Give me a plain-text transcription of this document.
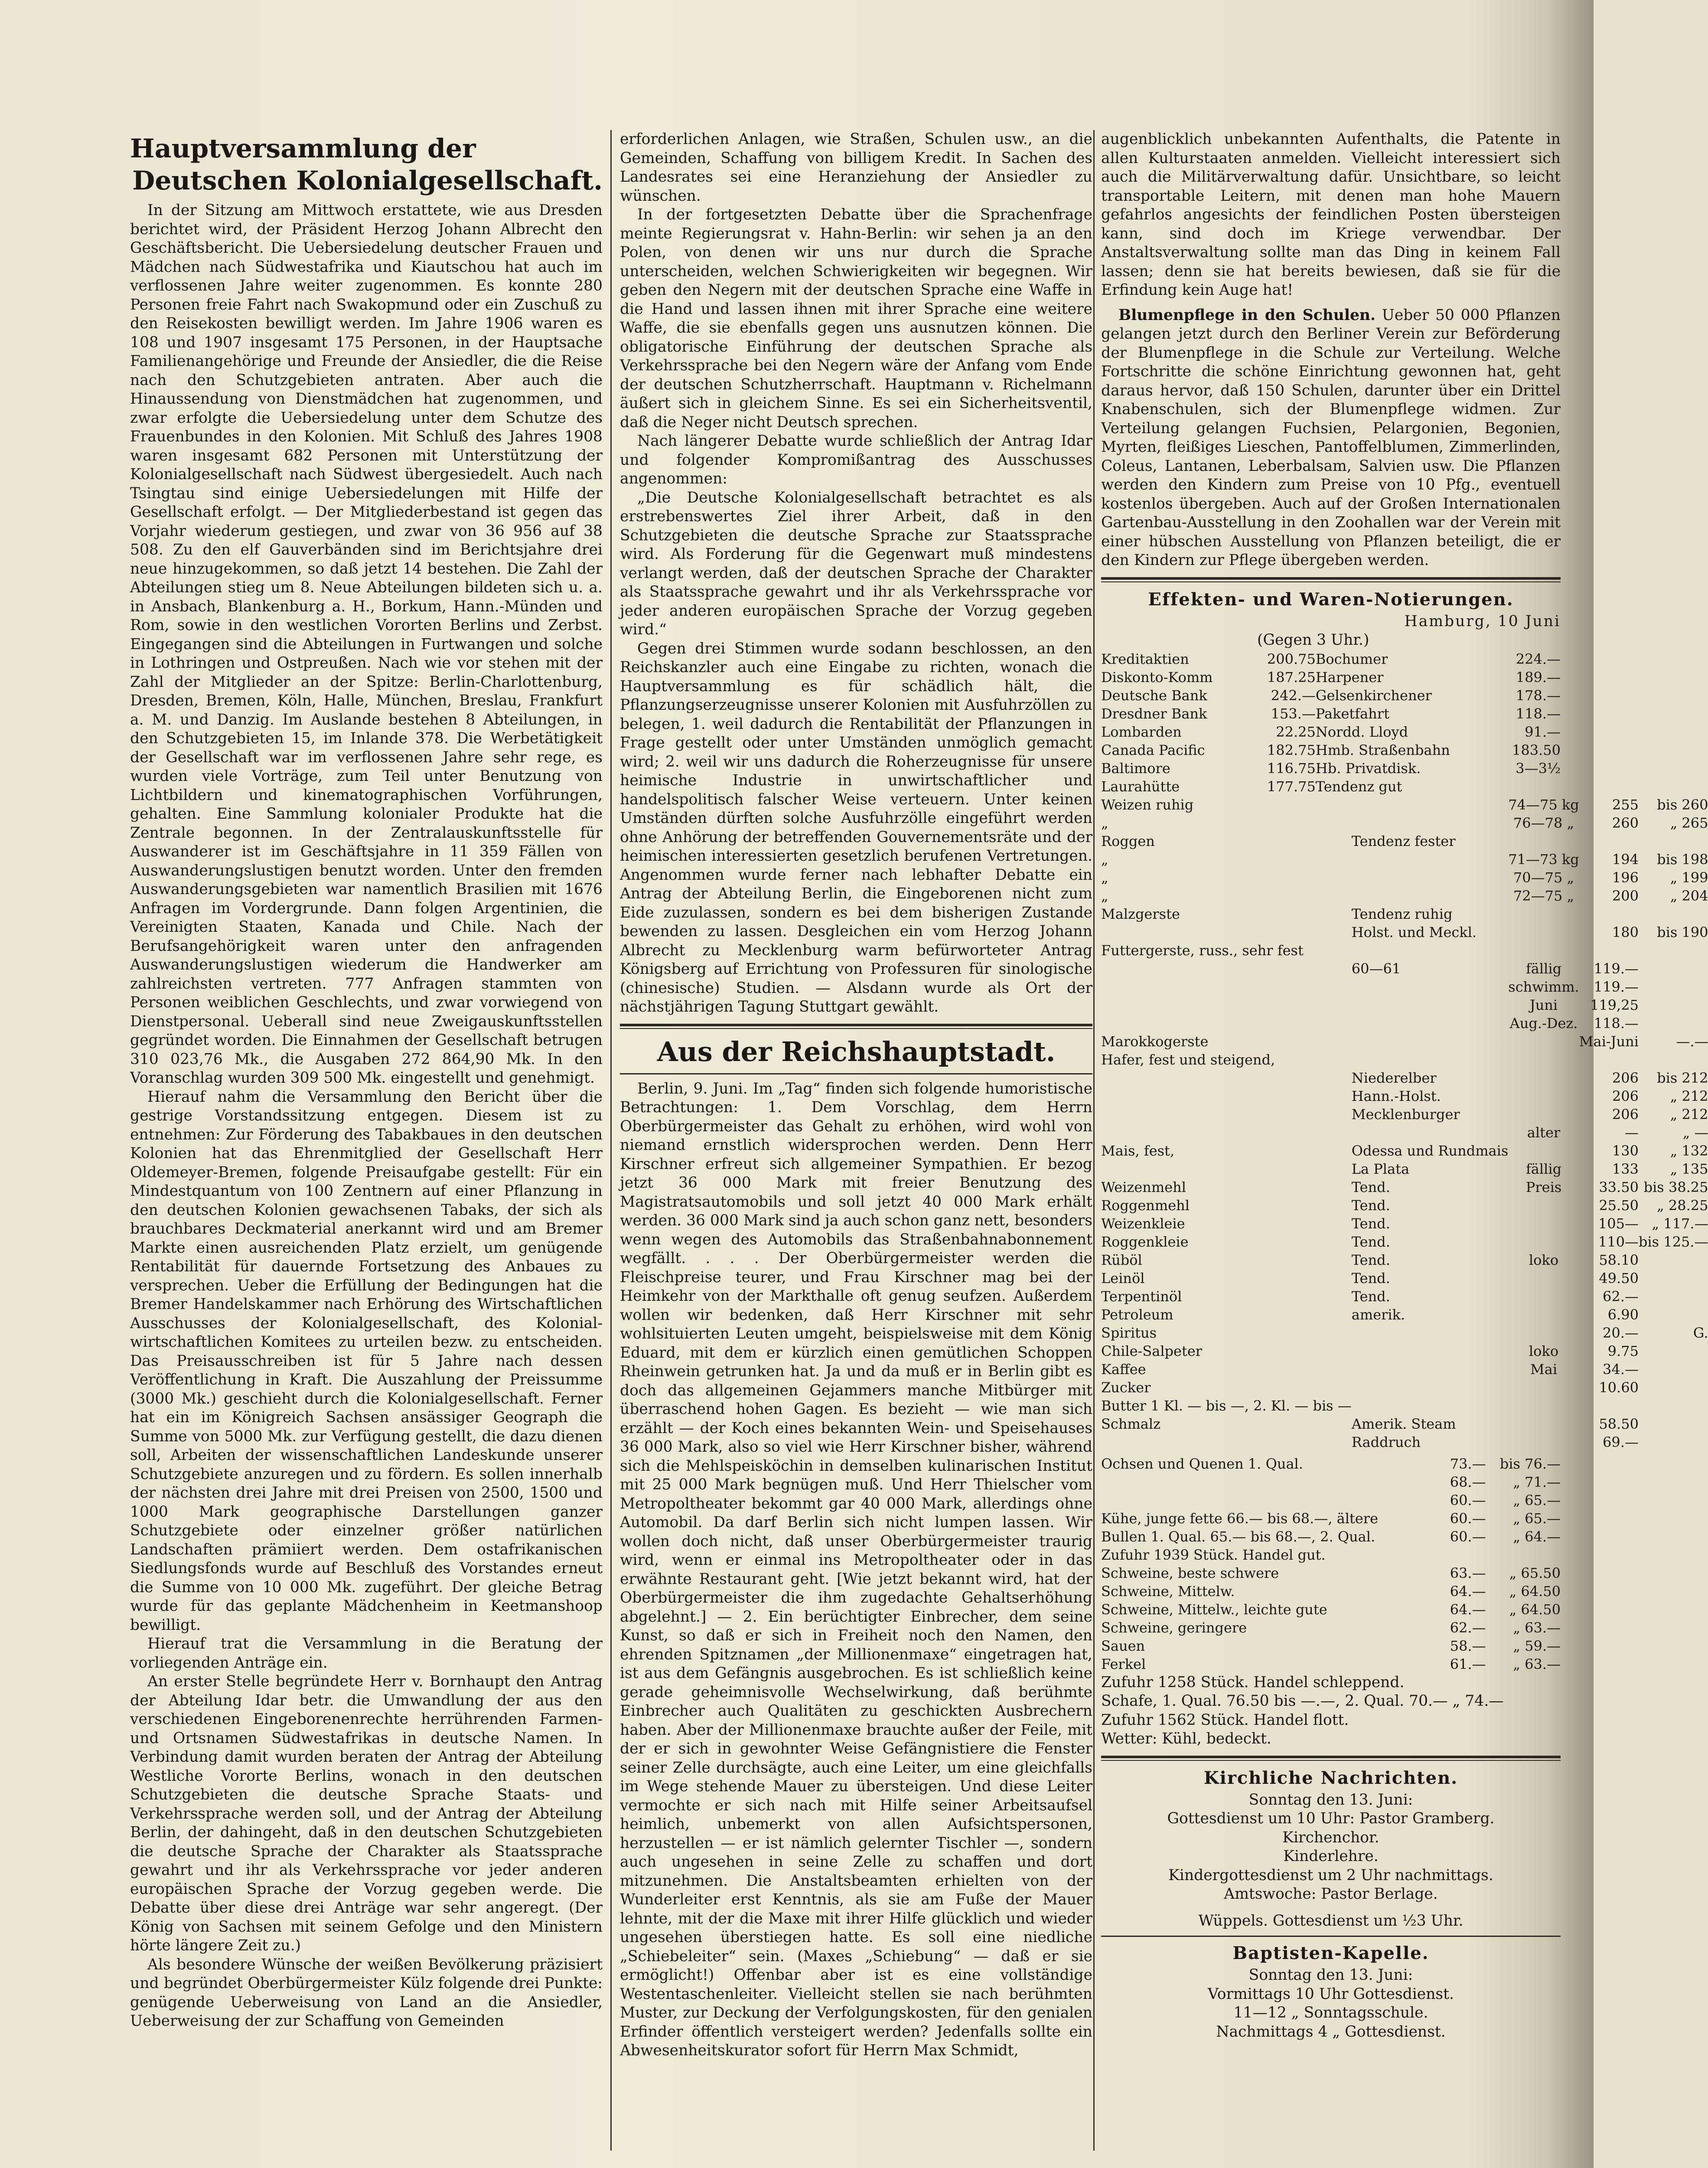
Hauptversammlung der
Deutschen Kolonialgesellschaft.

In der Sitzung am Mittwoch erstattete, wie aus Dresden berichtet wird, der Präsident Herzog Johann Albrecht den Geschäftsbericht. Die Uebersiedelung deutscher Frauen und Mädchen nach Südwestafrika und Kiautschou hat auch im verflossenen Jahre weiter zugenommen. Es konnte 280 Personen freie Fahrt nach Swakopmund oder ein Zuschuß zu den Reisekosten bewilligt werden. Im Jahre 1906 waren es 108 und 1907 insgesamt 175 Personen, in der Hauptsache Familienangehörige und Freunde der Ansiedler, die die Reise nach den Schutzgebieten antraten. Aber auch die Hinaussendung von Dienstmädchen hat zugenommen, und zwar erfolgte die Uebersiedelung unter dem Schutze des Frauenbundes in den Kolonien. Mit Schluß des Jahres 1908 waren insgesamt 682 Personen mit Unterstützung der Kolonialgesellschaft nach Südwest übergesiedelt. Auch nach Tsingtau sind einige Uebersiedelungen mit Hilfe der Gesellschaft erfolgt. — Der Mitgliederbestand ist gegen das Vorjahr wiederum gestiegen, und zwar von 36 956 auf 38 508. Zu den elf Gauverbänden sind im Berichtsjahre drei neue hinzugekommen, so daß jetzt 14 bestehen. Die Zahl der Abteilungen stieg um 8. Neue Abteilungen bildeten sich u. a. in Ansbach, Blankenburg a. H., Borkum, Hann.-Münden und Rom, sowie in den westlichen Vororten Berlins und Zerbst. Eingegangen sind die Abteilungen in Furtwangen und solche in Lothringen und Ostpreußen. Nach wie vor stehen mit der Zahl der Mitglieder an der Spitze: Berlin-Charlottenburg, Dresden, Bremen, Köln, Halle, München, Breslau, Frankfurt a. M. und Danzig. Im Auslande bestehen 8 Abteilungen, in den Schutzgebieten 15, im Inlande 378. Die Werbetätigkeit der Gesellschaft war im verflossenen Jahre sehr rege, es wurden viele Vorträge, zum Teil unter Benutzung von Lichtbildern und kinematographischen Vorführungen, gehalten. Eine Sammlung kolonialer Produkte hat die Zentrale begonnen. In der Zentralauskunftsstelle für Auswanderer ist im Geschäftsjahre in 11 359 Fällen von Auswanderungslustigen benutzt worden. Unter den fremden Auswanderungsgebieten war namentlich Brasilien mit 1676 Anfragen im Vordergrunde. Dann folgen Argentinien, die Vereinigten Staaten, Kanada und Chile. Nach der Berufsangehörigkeit waren unter den anfragenden Auswanderungslustigen wiederum die Handwerker am zahlreichsten vertreten. 777 Anfragen stammten von Personen weiblichen Geschlechts, und zwar vorwiegend von Dienstpersonal. Ueberall sind neue Zweigauskunftsstellen gegründet worden. Die Einnahmen der Gesellschaft betrugen 310 023,76 Mk., die Ausgaben 272 864,90 Mk. In den Voranschlag wurden 309 500 Mk. eingestellt und genehmigt.

Hierauf nahm die Versammlung den Bericht über die gestrige Vorstandssitzung entgegen. Diesem ist zu entnehmen: Zur Förderung des Tabakbaues in den deutschen Kolonien hat das Ehrenmitglied der Gesellschaft Herr Oldemeyer-Bremen, folgende Preisaufgabe gestellt: Für ein Mindestquantum von 100 Zentnern auf einer Pflanzung in den deutschen Kolonien gewachsenen Tabaks, der sich als brauchbares Deckmaterial anerkannt wird und am Bremer Markte einen ausreichenden Platz erzielt, um genügende Rentabilität für dauernde Fortsetzung des Anbaues zu versprechen. Ueber die Erfüllung der Bedingungen hat die Bremer Handelskammer nach Erhörung des Wirtschaftlichen Ausschusses der Kolonialgesellschaft, des Kolonial-wirtschaftlichen Komitees zu urteilen bezw. zu entscheiden. Das Preisausschreiben ist für 5 Jahre nach dessen Veröffentlichung in Kraft. Die Auszahlung der Preissumme (3000 Mk.) geschieht durch die Kolonialgesellschaft. Ferner hat ein im Königreich Sachsen ansässiger Geograph die Summe von 5000 Mk. zur Verfügung gestellt, die dazu dienen soll, Arbeiten der wissenschaftlichen Landeskunde unserer Schutzgebiete anzuregen und zu fördern. Es sollen innerhalb der nächsten drei Jahre mit drei Preisen von 2500, 1500 und 1000 Mark geographische Darstellungen ganzer Schutzgebiete oder einzelner größer natürlichen Landschaften prämiiert werden. Dem ostafrikanischen Siedlungsfonds wurde auf Beschluß des Vorstandes erneut die Summe von 10 000 Mk. zugeführt. Der gleiche Betrag wurde für das geplante Mädchenheim in Keetmanshoop bewilligt.

Hierauf trat die Versammlung in die Beratung der vorliegenden Anträge ein.

An erster Stelle begründete Herr v. Bornhaupt den Antrag der Abteilung Idar betr. die Umwandlung der aus den verschiedenen Eingeborenenrechte herrührenden Farmen- und Ortsnamen Südwestafrikas in deutsche Namen. In Verbindung damit wurden beraten der Antrag der Abteilung Westliche Vororte Berlins, wonach in den deutschen Schutzgebieten die deutsche Sprache Staats- und Verkehrssprache werden soll, und der Antrag der Abteilung Berlin, der dahingeht, daß in den deutschen Schutzgebieten die deutsche Sprache der Charakter als Staatssprache gewahrt und ihr als Verkehrssprache vor jeder anderen europäischen Sprache der Vorzug gegeben werde. Die Debatte über diese drei Anträge war sehr angeregt. (Der König von Sachsen mit seinem Gefolge und den Ministern hörte längere Zeit zu.)

Als besondere Wünsche der weißen Bevölkerung präzisiert und begründet Oberbürgermeister Külz folgende drei Punkte: genügende Ueberweisung von Land an die Ansiedler, Ueberweisung der zur Schaffung von Gemeinden

erforderlichen Anlagen, wie Straßen, Schulen usw., an die Gemeinden, Schaffung von billigem Kredit. In Sachen des Landesrates sei eine Heranziehung der Ansiedler zu wünschen.

In der fortgesetzten Debatte über die Sprachenfrage meinte Regierungsrat v. Hahn-Berlin: wir sehen ja an den Polen, von denen wir uns nur durch die Sprache unterscheiden, welchen Schwierigkeiten wir begegnen. Wir geben den Negern mit der deutschen Sprache eine Waffe in die Hand und lassen ihnen mit ihrer Sprache eine weitere Waffe, die sie ebenfalls gegen uns ausnutzen können. Die obligatorische Einführung der deutschen Sprache als Verkehrssprache bei den Negern wäre der Anfang vom Ende der deutschen Schutzherrschaft. Hauptmann v. Richelmann äußert sich in gleichem Sinne. Es sei ein Sicherheitsventil, daß die Neger nicht Deutsch sprechen.

Nach längerer Debatte wurde schließlich der Antrag Idar und folgender Kompromißantrag des Ausschusses angenommen:

„Die Deutsche Kolonialgesellschaft betrachtet es als erstrebenswertes Ziel ihrer Arbeit, daß in den Schutzgebieten die deutsche Sprache zur Staatssprache wird. Als Forderung für die Gegenwart muß mindestens verlangt werden, daß der deutschen Sprache der Charakter als Staatssprache gewahrt und ihr als Verkehrssprache vor jeder anderen europäischen Sprache der Vorzug gegeben wird.“

Gegen drei Stimmen wurde sodann beschlossen, an den Reichskanzler auch eine Eingabe zu richten, wonach die Hauptversammlung es für schädlich hält, die Pflanzungserzeugnisse unserer Kolonien mit Ausfuhrzöllen zu belegen, 1. weil dadurch die Rentabilität der Pflanzungen in Frage gestellt oder unter Umständen unmöglich gemacht wird; 2. weil wir uns dadurch die Roherzeugnisse für unsere heimische Industrie in unwirtschaftlicher und handelspolitisch falscher Weise verteuern. Unter keinen Umständen dürften solche Ausfuhrzölle eingeführt werden ohne Anhörung der betreffenden Gouvernementsräte und der heimischen interessierten gesetzlich berufenen Vertretungen. Angenommen wurde ferner nach lebhafter Debatte ein Antrag der Abteilung Berlin, die Eingeborenen nicht zum Eide zuzulassen, sondern es bei dem bisherigen Zustande bewenden zu lassen. Desgleichen ein vom Herzog Johann Albrecht zu Mecklenburg warm befürworteter Antrag Königsberg auf Errichtung von Professuren für sinologische (chinesische) Studien. — Alsdann wurde als Ort der nächstjährigen Tagung Stuttgart gewählt.

Aus der Reichshauptstadt.

Berlin, 9. Juni. Im „Tag“ finden sich folgende humoristische Betrachtungen: 1. Dem Vorschlag, dem Herrn Oberbürgermeister das Gehalt zu erhöhen, wird wohl von niemand ernstlich widersprochen werden. Denn Herr Kirschner erfreut sich allgemeiner Sympathien. Er bezog jetzt 36 000 Mark mit freier Benutzung des Magistratsautomobils und soll jetzt 40 000 Mark erhält werden. 36 000 Mark sind ja auch schon ganz nett, besonders wenn wegen des Automobils das Straßenbahnabonnement wegfällt. . . . Der Oberbürgermeister werden die Fleischpreise teurer, und Frau Kirschner mag bei der Heimkehr von der Markthalle oft genug seufzen. Außerdem wollen wir bedenken, daß Herr Kirschner mit sehr wohlsituierten Leuten umgeht, beispielsweise mit dem König Eduard, mit dem er kürzlich einen gemütlichen Schoppen Rheinwein getrunken hat. Ja und da muß er in Berlin gibt es doch das allgemeinen Gejammers manche Mitbürger mit überraschend hohen Gagen. Es bezieht — wie man sich erzählt — der Koch eines bekannten Wein- und Speisehauses 36 000 Mark, also so viel wie Herr Kirschner bisher, während sich die Mehlspeisköchin in demselben kulinarischen Institut mit 25 000 Mark begnügen muß. Und Herr Thielscher vom Metropoltheater bekommt gar 40 000 Mark, allerdings ohne Automobil. Da darf Berlin sich nicht lumpen lassen. Wir wollen doch nicht, daß unser Oberbürgermeister traurig wird, wenn er einmal ins Metropoltheater oder in das erwähnte Restaurant geht. [Wie jetzt bekannt wird, hat der Oberbürgermeister die ihm zugedachte Gehaltserhöhung abgelehnt.] — 2. Ein berüchtigter Einbrecher, dem seine Kunst, so daß er sich in Freiheit noch den Namen, den ehrenden Spitznamen „der Millionenmaxe“ eingetragen hat, ist aus dem Gefängnis ausgebrochen. Es ist schließlich keine gerade geheimnisvolle Wechselwirkung, daß berühmte Einbrecher auch Qualitäten zu geschickten Ausbrechern haben. Aber der Millionenmaxe brauchte außer der Feile, mit der er sich in gewohnter Weise Gefängnistiere die Fenster seiner Zelle durchsägte, auch eine Leiter, um eine gleichfalls im Wege stehende Mauer zu übersteigen. Und diese Leiter vermochte er sich nach mit Hilfe seiner Arbeitsaufsel heimlich, unbemerkt von allen Aufsichtspersonen, herzustellen — er ist nämlich gelernter Tischler —, sondern auch ungesehen in seine Zelle zu schaffen und dort mitzunehmen. Die Anstaltsbeamten erhielten von der Wunderleiter erst Kenntnis, als sie am Fuße der Mauer lehnte, mit der die Maxe mit ihrer Hilfe glücklich und wieder ungesehen überstiegen hatte. Es soll eine niedliche „Schiebeleiter“ sein. (Maxes „Schiebung“ — daß er sie ermöglicht!) Offenbar aber ist es eine vollständige Westentaschenleiter. Vielleicht stellen sie nach berühmten Muster, zur Deckung der Verfolgungskosten, für den genialen Erfinder öffentlich versteigert werden? Jedenfalls sollte ein Abwesenheitskurator sofort für Herrn Max Schmidt,

augenblicklich unbekannten Aufenthalts, die Patente in allen Kulturstaaten anmelden. Vielleicht interessiert sich auch die Militärverwaltung dafür. Unsichtbare, so leicht transportable Leitern, mit denen man hohe Mauern gefahrlos angesichts der feindlichen Posten übersteigen kann, sind doch im Kriege verwendbar. Der Anstaltsverwaltung sollte man das Ding in keinem Fall lassen; denn sie hat bereits bewiesen, daß sie für die Erfindung kein Auge hat!

Blumenpflege in den Schulen. Ueber 50 000 Pflanzen gelangen jetzt durch den Berliner Verein zur Beförderung der Blumenpflege in die Schule zur Verteilung. Welche Fortschritte die schöne Einrichtung gewonnen hat, geht daraus hervor, daß 150 Schulen, darunter über ein Drittel Knabenschulen, sich der Blumenpflege widmen. Zur Verteilung gelangen Fuchsien, Pelargonien, Begonien, Myrten, fleißiges Lieschen, Pantoffelblumen, Zimmerlinden, Coleus, Lantanen, Leberbalsam, Salvien usw. Die Pflanzen werden den Kindern zum Preise von 10 Pfg., eventuell kostenlos übergeben. Auch auf der Großen Internationalen Gartenbau-Ausstellung in den Zoohallen war der Verein mit einer hübschen Ausstellung von Pflanzen beteiligt, die er den Kindern zur Pflege übergeben werden.

Effekten- und Waren-Notierungen.

Hamburg, 10 Juni

(Gegen 3 Uhr.)

Kreditaktien	200.75	Bochumer	224.—
Diskonto-Komm	187.25	Harpener	189.—
Deutsche Bank	242.—	Gelsenkirchener	178.—
Dresdner Bank	153.—	Paketfahrt	118.—
Lombarden	22.25	Nordd. Lloyd	91.—
Canada Pacific	182.75	Hmb. Straßenbahn	183.50
Baltimore	116.75	Hb. Privatdisk.	3—3½
Laurahütte	177.75	Tendenz gut	
Weizen ruhig		74—75 kg	255	bis 260
„		76—78 „	260	„ 265
Roggen	Tendenz fester			
„		71—73 kg	194	bis 198
„		70—75 „	196	„ 199
„		72—75 „	200	„ 204
Malzgerste	Tendenz ruhig			
	Holst. und Meckl.		180	bis 190
Futtergerste, russ., sehr fest				
	60—61	fällig	119.—	
		schwimm.	119.—	
		Juni	119,25	
		Aug.-Dez.	118.—	
Marokkogerste			Mai-Juni	—.—
Hafer, fest und steigend,				
	Niederelber		206	bis 212
	Hann.-Holst.		206	„ 212
	Mecklenburger		206	„ 212
		alter	—	„ —
Mais, fest,	Odessa und Rundmais		130	„ 132
	La Plata	fällig	133	„ 135
Weizenmehl	Tend.	Preis	33.50	bis 38.25
Roggenmehl	Tend.		25.50	„ 28.25
Weizenkleie	Tend.		105—	„ 117.—
Roggenkleie	Tend.		110—	bis 125.—
Rüböl	Tend.	loko	58.10	
Leinöl	Tend.		49.50	
Terpentinöl	Tend.		62.—	
Petroleum	amerik.		6.90	
Spiritus			20.—	G.
Chile-Salpeter		loko	9.75	
Kaffee		Mai	34.—	
Zucker			10.60	
Butter 1 Kl. — bis —, 2. Kl. — bis —				
Schmalz	Amerik. Steam		58.50	
	Raddruch		69.—	
Ochsen und Quenen 1. Qual.	73.—	bis 76.—
	68.—	„ 71.—
	60.—	„ 65.—
Kühe, junge fette 66.— bis 68.—, ältere	60.—	„ 65.—
Bullen 1. Qual. 65.— bis 68.—, 2. Qual.	60.—	„ 64.—
Zufuhr 1939 Stück. Handel gut.		
Schweine, beste schwere	63.—	„ 65.50
Schweine, Mittelw.	64.—	„ 64.50
Schweine, Mittelw., leichte gute	64.—	„ 64.50
Schweine, geringere	62.—	„ 63.—
Sauen	58.—	„ 59.—
Ferkel	61.—	„ 63.—

Zufuhr 1258 Stück. Handel schleppend.

Schafe, 1. Qual. 76.50 bis —.—, 2. Qual. 70.— „ 74.—

Zufuhr 1562 Stück. Handel flott.

Wetter: Kühl, bedeckt.

Kirchliche Nachrichten.

Sonntag den 13. Juni:

Gottesdienst um 10 Uhr: Pastor Gramberg.

Kirchenchor.

Kinderlehre.

Kindergottesdienst um 2 Uhr nachmittags.

Amtswoche: Pastor Berlage.

Wüppels. Gottesdienst um ½3 Uhr.

Baptisten-Kapelle.

Sonntag den 13. Juni:

Vormittags 10 Uhr Gottesdienst.

11—12 „ Sonntagsschule.

Nachmittags 4 „ Gottesdienst.
